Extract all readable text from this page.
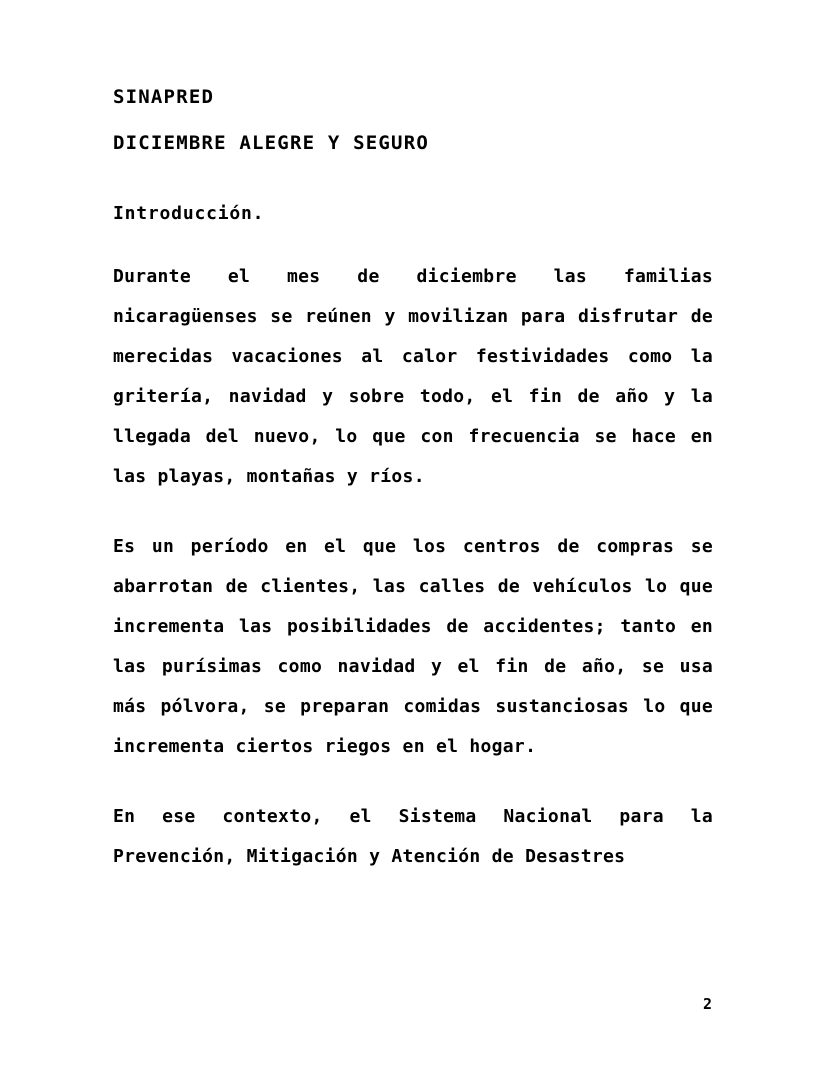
SINAPRED
DICIEMBRE ALEGRE Y SEGURO
Introducción.

Durante el mes de diciembre las familias nicaragüenses se reúnen y movilizan para disfrutar de merecidas vacaciones al calor festividades como la gritería, navidad y sobre todo, el fin de año y la llegada del nuevo, lo que con frecuencia se hace en las playas, montañas y ríos.

Es un período en el que los centros de compras se abarrotan de clientes, las calles de vehículos lo que incrementa las posibilidades de accidentes; tanto en las purísimas como navidad y el fin de año, se usa más pólvora, se preparan comidas sustanciosas lo que incrementa ciertos riegos en el hogar.

En ese contexto, el Sistema Nacional para la Prevención, Mitigación y Atención de Desastres

2
